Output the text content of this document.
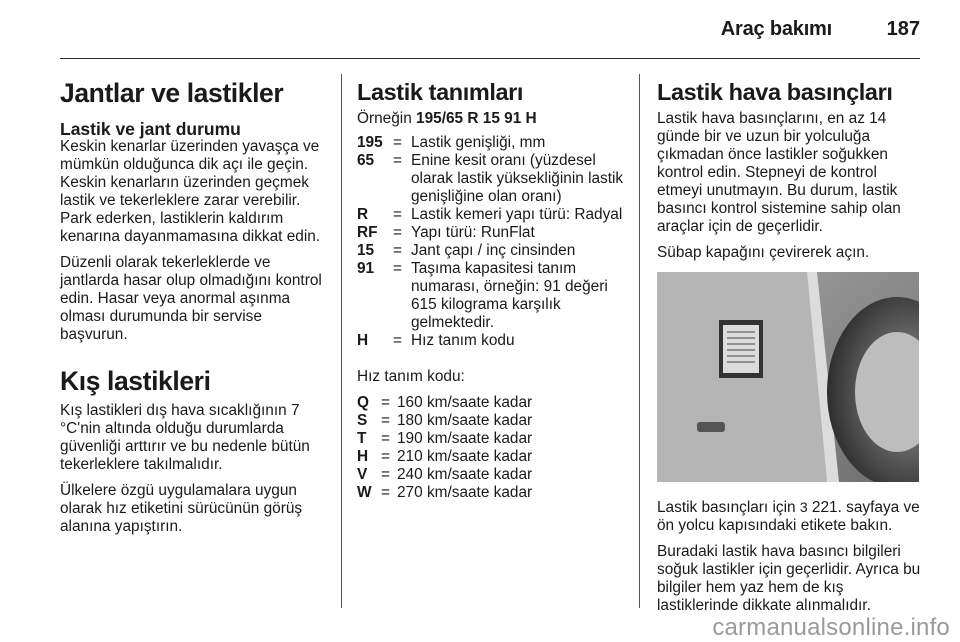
Araç bakımı	187
Jantlar ve lastikler
Lastik ve jant durumu

Keskin kenarlar üzerinden yavaşça ve mümkün olduğunca dik açı ile geçin. Keskin kenarların üzerinden geçmek lastik ve tekerleklere zarar verebilir. Park ederken, lastiklerin kaldırım kenarına dayanmamasına dikkat edin.

Düzenli olarak tekerleklerde ve jantlarda hasar olup olmadığını kontrol edin. Hasar veya anormal aşınma olması durumunda bir servise başvurun.

Kış lastikleri

Kış lastikleri dış hava sıcaklığının 7 °C'nin altında olduğu durumlarda güvenliği arttırır ve bu nedenle bütün tekerleklere takılmalıdır.

Ülkelere özgü uygulamalara uygun olarak hız etiketini sürücünün görüş alanına yapıştırın.

Lastik tanımları

Örneğin 195/65 R 15 91 H

195 = Lastik genişliği, mm
65	= Enine kesit oranı (yüzdesel olarak lastik yüksekliğinin lastik genişliğine olan oranı)
R	= Lastik kemeri yapı türü: Radyal
RF	= Yapı türü: RunFlat
15	= Jant çapı / inç cinsinden
91	= Taşıma kapasitesi tanım numarası, örneğin: 91 değeri 615 kilograma karşılık gelmektedir.
H	= Hız tanım kodu

Hız tanım kodu:

Q = 160 km/saate kadar
S = 180 km/saate kadar
T = 190 km/saate kadar
H = 210 km/saate kadar
V = 240 km/saate kadar
W = 270 km/saate kadar
Lastik hava basınçları

Lastik hava basınçlarını, en az 14 günde bir ve uzun bir yolculuğa çıkmadan önce lastikler soğukken kontrol edin. Stepneyi de kontrol etmeyi unutmayın. Bu durum, lastik basıncı kontrol sistemine sahip olan araçlar için de geçerlidir.

Sübap kapağını çevirerek açın.

Lastik basınçları için 3 221. sayfaya ve ön yolcu kapısındaki etikete bakın.

Buradaki lastik hava basıncı bilgileri soğuk lastikler için geçerlidir. Ayrıca bu bilgiler hem yaz hem de kış lastiklerinde dikkate alınmalıdır.

carmanualsonline.info
